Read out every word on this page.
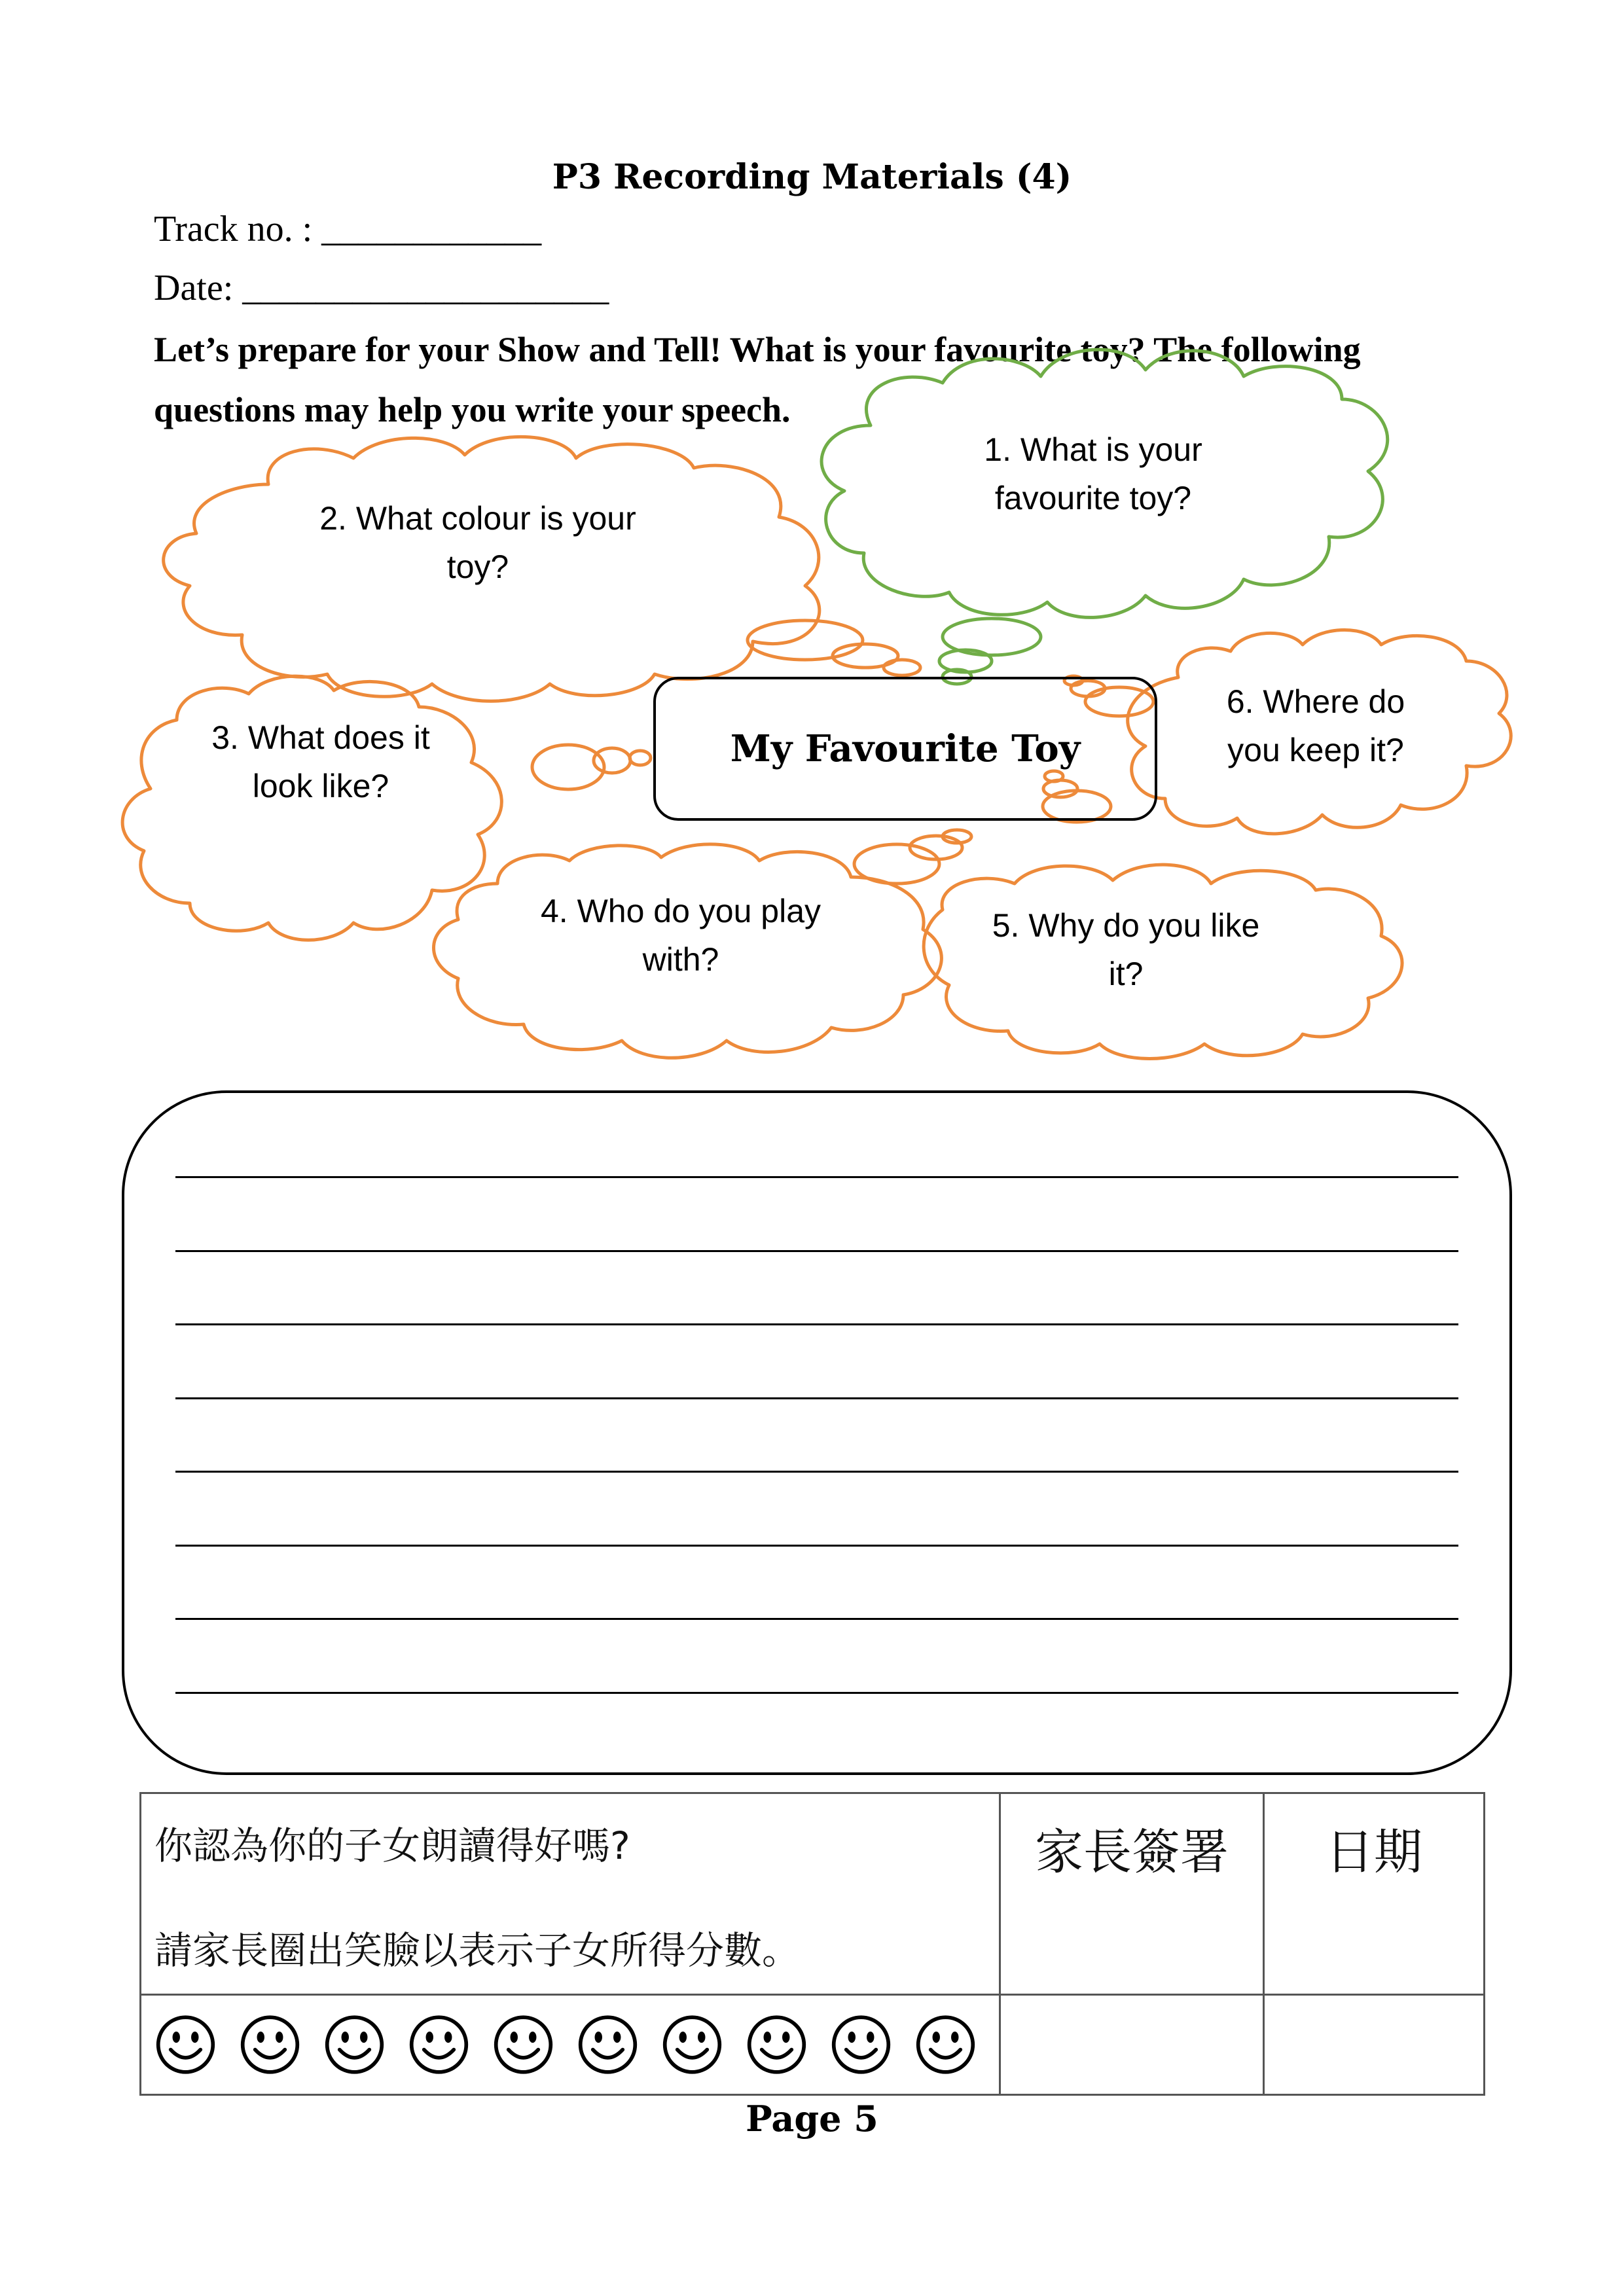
P3 Recording Materials (4)
Track no. : ____________
Date: ____________________
Let’s prepare for your Show and Tell! What is your favourite toy? The following
questions may help you write your speech.
1. What is your
favourite toy?
2. What colour is your
toy?
3. What does it
look like?
4. Who do you play
with?
5. Why do you like
it?
6. Where do
you keep it?
My Favourite Toy
你認為你的子女朗讀得好嗎?
請家長圈出笑臉以表示子女所得分數。	家長簽署	日期

Page 5
